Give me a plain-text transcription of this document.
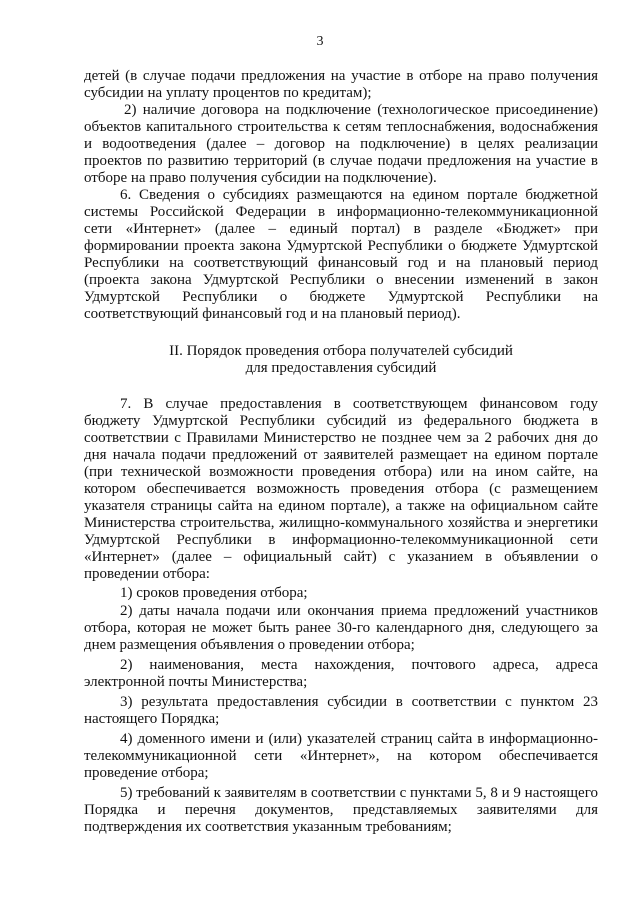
3
детей (в случае подачи предложения на участие в отборе на право получения
субсидии на уплату процентов по кредитам);
2) наличие договора на подключение (технологическое присоединение)
объектов капитального строительства к сетям теплоснабжения, водоснабжения
и водоотведения (далее – договор на подключение) в целях реализации
проектов по развитию территорий (в случае подачи предложения на участие в
отборе на право получения субсидии на подключение).
6. Сведения о субсидиях размещаются на едином портале бюджетной
системы Российской Федерации в информационно-телекоммуникационной
сети «Интернет» (далее – единый портал) в разделе «Бюджет» при
формировании проекта закона Удмуртской Республики о бюджете Удмуртской
Республики на соответствующий финансовый год и на плановый период
(проекта закона Удмуртской Республики о внесении изменений в закон
Удмуртской Республики о бюджете Удмуртской Республики на
соответствующий финансовый год и на плановый период).
II. Порядок проведения отбора получателей субсидий
для предоставления субсидий
7. В случае предоставления в соответствующем финансовом году
бюджету Удмуртской Республики субсидий из федерального бюджета в
соответствии с Правилами Министерство не позднее чем за 2 рабочих дня до
дня начала подачи предложений от заявителей размещает на едином портале
(при технической возможности проведения отбора) или на ином сайте, на
котором обеспечивается возможность проведения отбора (с размещением
указателя страницы сайта на едином портале), а также на официальном сайте
Министерства строительства, жилищно-коммунального хозяйства и энергетики
Удмуртской Республики в информационно-телекоммуникационной сети
«Интернет» (далее – официальный сайт) с указанием в объявлении о
проведении отбора:
1) сроков проведения отбора;
2) даты начала подачи или окончания приема предложений участников
отбора, которая не может быть ранее 30-го календарного дня, следующего за
днем размещения объявления о проведении отбора;
2) наименования, места нахождения, почтового адреса, адреса
электронной почты Министерства;
3) результата предоставления субсидии в соответствии с пунктом 23
настоящего Порядка;
4) доменного имени и (или) указателей страниц сайта в информационно-
телекоммуникационной сети «Интернет», на котором обеспечивается
проведение отбора;
5) требований к заявителям в соответствии с пунктами 5, 8 и 9 настоящего
Порядка и перечня документов, представляемых заявителями для
подтверждения их соответствия указанным требованиям;
